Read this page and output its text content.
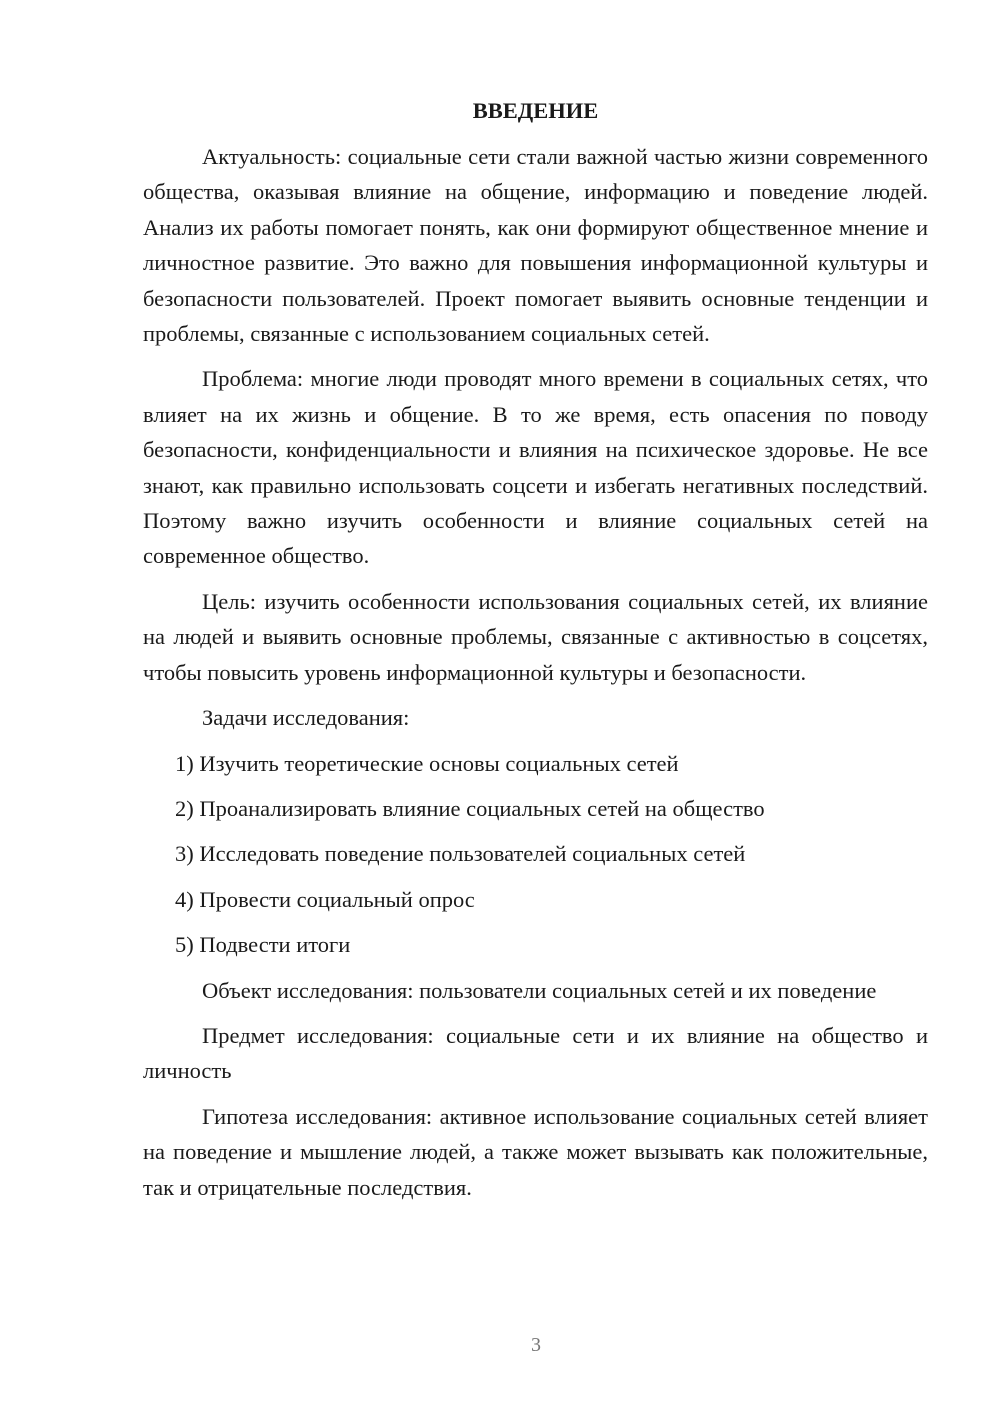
ВВЕДЕНИЕ

Актуальность: социальные сети стали важной частью жизни современного общества, оказывая влияние на общение, информацию и поведение людей. Анализ их работы помогает понять, как они формируют общественное мнение и личностное развитие. Это важно для повышения информационной культуры и безопасности пользователей. Проект помогает выявить основные тенденции и проблемы, связанные с использованием социальных сетей.

Проблема: многие люди проводят много времени в социальных сетях, что влияет на их жизнь и общение. В то же время, есть опасения по поводу безопасности, конфиденциальности и влияния на психическое здоровье. Не все знают, как правильно использовать соцсети и избегать негативных последствий. Поэтому важно изучить особенности и влияние социальных сетей на современное общество.

Цель: изучить особенности использования социальных сетей, их влияние на людей и выявить основные проблемы, связанные с активностью в соцсетях, чтобы повысить уровень информационной культуры и безопасности.

Задачи исследования:

1) Изучить теоретические основы социальных сетей
2) Проанализировать влияние социальных сетей на общество
3) Исследовать поведение пользователей социальных сетей
4) Провести социальный опрос
5) Подвести итоги

Объект исследования: пользователи социальных сетей и их поведение

Предмет исследования: социальные сети и их влияние на общество и личность

Гипотеза исследования: активное использование социальных сетей влияет на поведение и мышление людей, а также может вызывать как положительные, так и отрицательные последствия.

3
